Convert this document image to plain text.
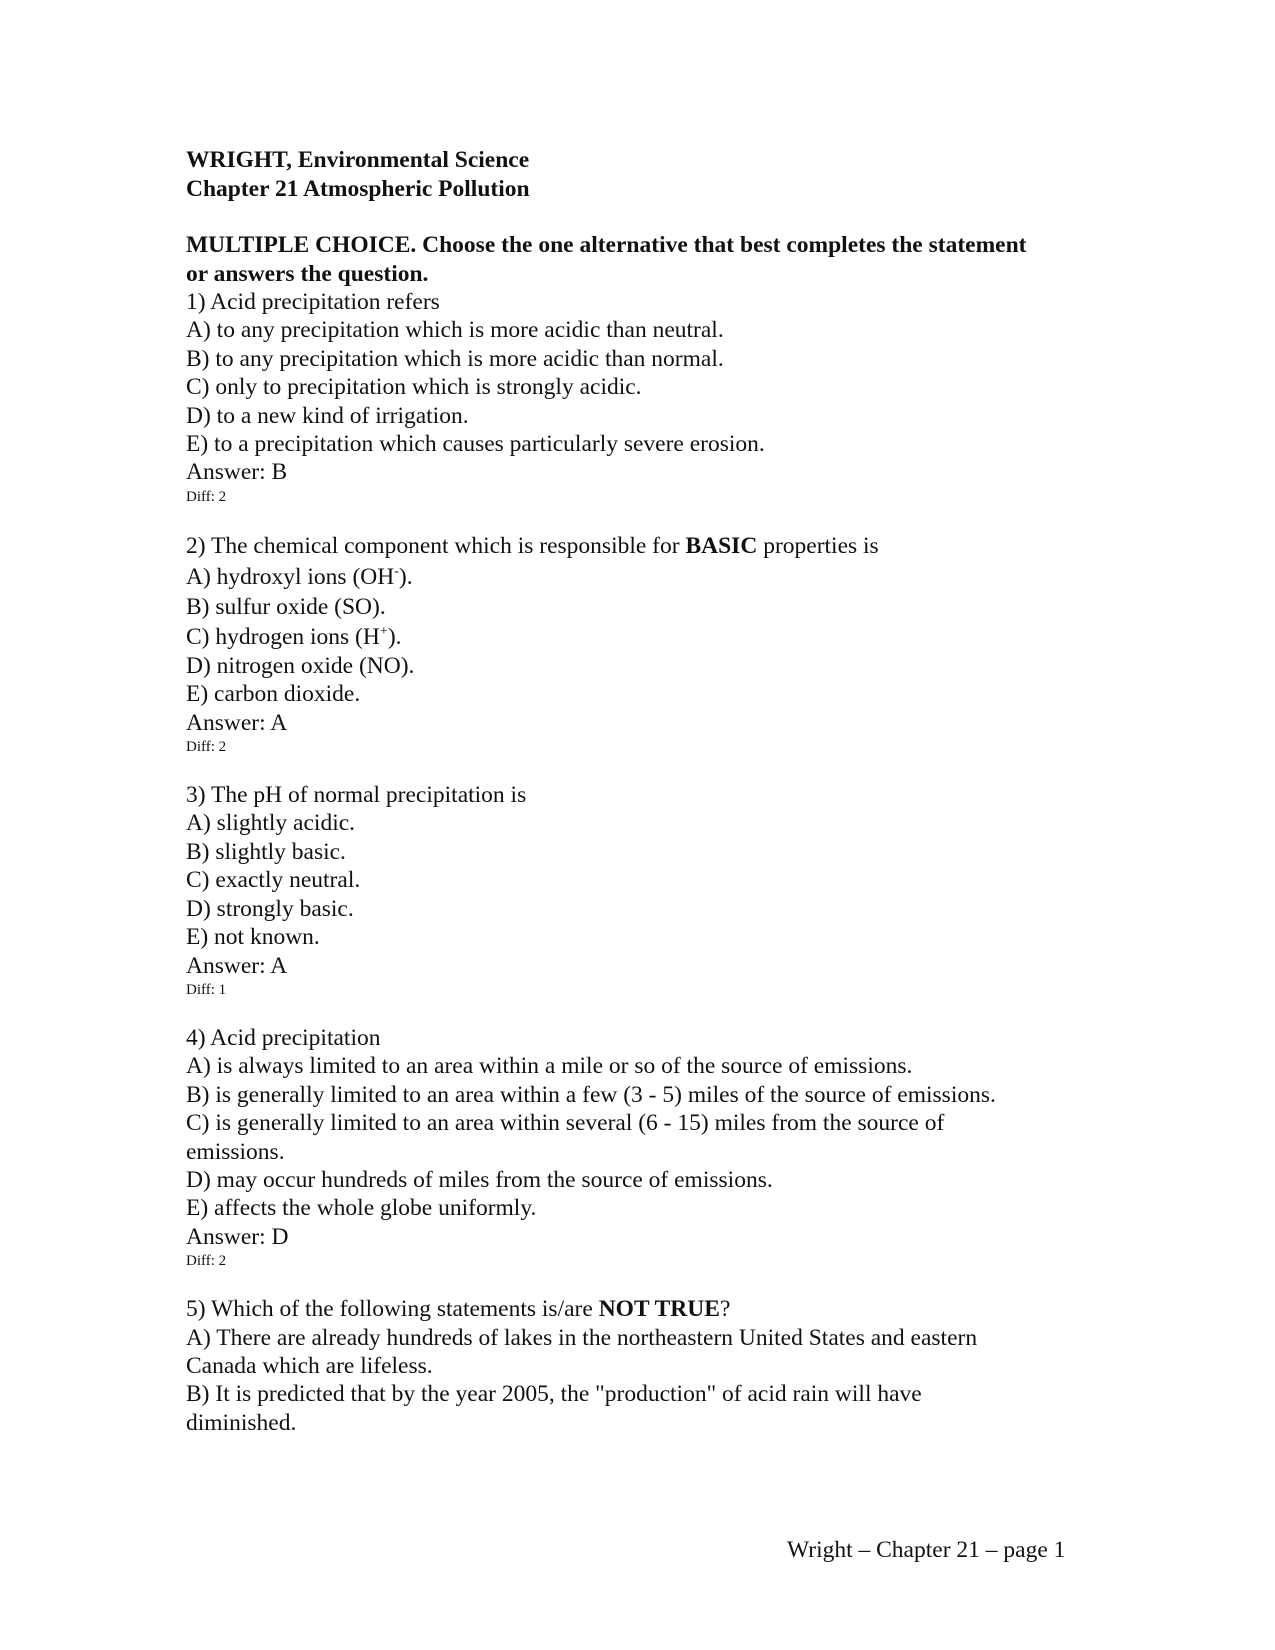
WRIGHT, Environmental Science
Chapter 21 Atmospheric Pollution
MULTIPLE CHOICE. Choose the one alternative that best completes the statement or answers the question.
1) Acid precipitation refers
A) to any precipitation which is more acidic than neutral.
B) to any precipitation which is more acidic than normal.
C) only to precipitation which is strongly acidic.
D) to a new kind of irrigation.
E) to a precipitation which causes particularly severe erosion.
Answer: B
Diff: 2
2) The chemical component which is responsible for BASIC properties is
A) hydroxyl ions (OH-).
B) sulfur oxide (SO).
C) hydrogen ions (H+).
D) nitrogen oxide (NO).
E) carbon dioxide.
Answer: A
Diff: 2
3) The pH of normal precipitation is
A) slightly acidic.
B) slightly basic.
C) exactly neutral.
D) strongly basic.
E) not known.
Answer: A
Diff: 1
4) Acid precipitation
A) is always limited to an area within a mile or so of the source of emissions.
B) is generally limited to an area within a few (3 - 5) miles of the source of emissions.
C) is generally limited to an area within several (6 - 15) miles from the source of
emissions.
D) may occur hundreds of miles from the source of emissions.
E) affects the whole globe uniformly.
Answer: D
Diff: 2
5) Which of the following statements is/are NOT TRUE?
A) There are already hundreds of lakes in the northeastern United States and eastern
Canada which are lifeless.
B) It is predicted that by the year 2005, the "production" of acid rain will have
diminished.
Wright – Chapter 21 – page 1
